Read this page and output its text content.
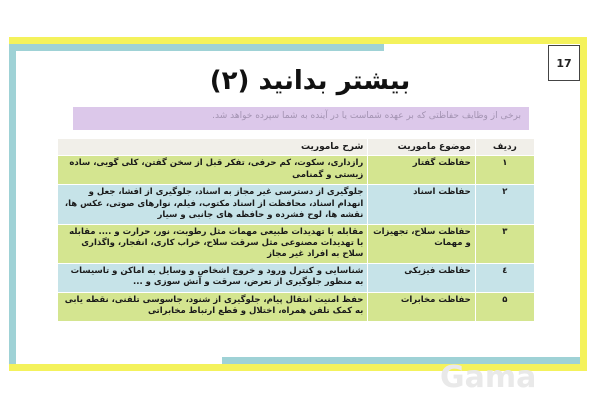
17
بیشتر بدانید (۲)
برخی از وظایف حفاظتی که بر عهده شماست یا در آینده به شما سپرده خواهد شد.
ردیف	موضوع ماموریت	شرح ماموریت
۱	حفاظت گفتار	رازداری، سکوت، کم حرفی، تفکر قبل از سخن گفتن، کلی گویی، ساده زیستی و گمنامی
۲	حفاظت اسناد	جلوگیری از دسترسی غیر مجاز به اسناد، جلوگیری از افشا، جعل و انهدام اسناد، محافظت از اسناد مکتوب، فیلم، نوارهای صوتی، عکس ها، نقشه ها، لوح فشرده و حافظه های جانبی و سیار
۳	حفاظت سلاح، تجهیزات و مهمات	مقابله با تهدیدات طبیعی مهمات مثل رطوبت، نور، حرارت و .... مقابله با تهدیدات مصنوعی مثل سرقت سلاح، خراب کاری، انفجار، واگذاری سلاح به افراد غیر مجاز
٤	حفاظت فیزیکی	شناسایی و کنترل ورود و خروج اشخاص و وسایل به اماکن و تاسیسات به منظور جلوگیری از تعرض، سرقت و آتش سوزی و ...
۵	حفاظت مخابرات	حفظ امنیت انتقال پیام، جلوگیری از شنود، جاسوسی تلفنی، نقطه یابی به کمک تلفن همراه، اختلال و قطع ارتباط مخابراتی
Gama
